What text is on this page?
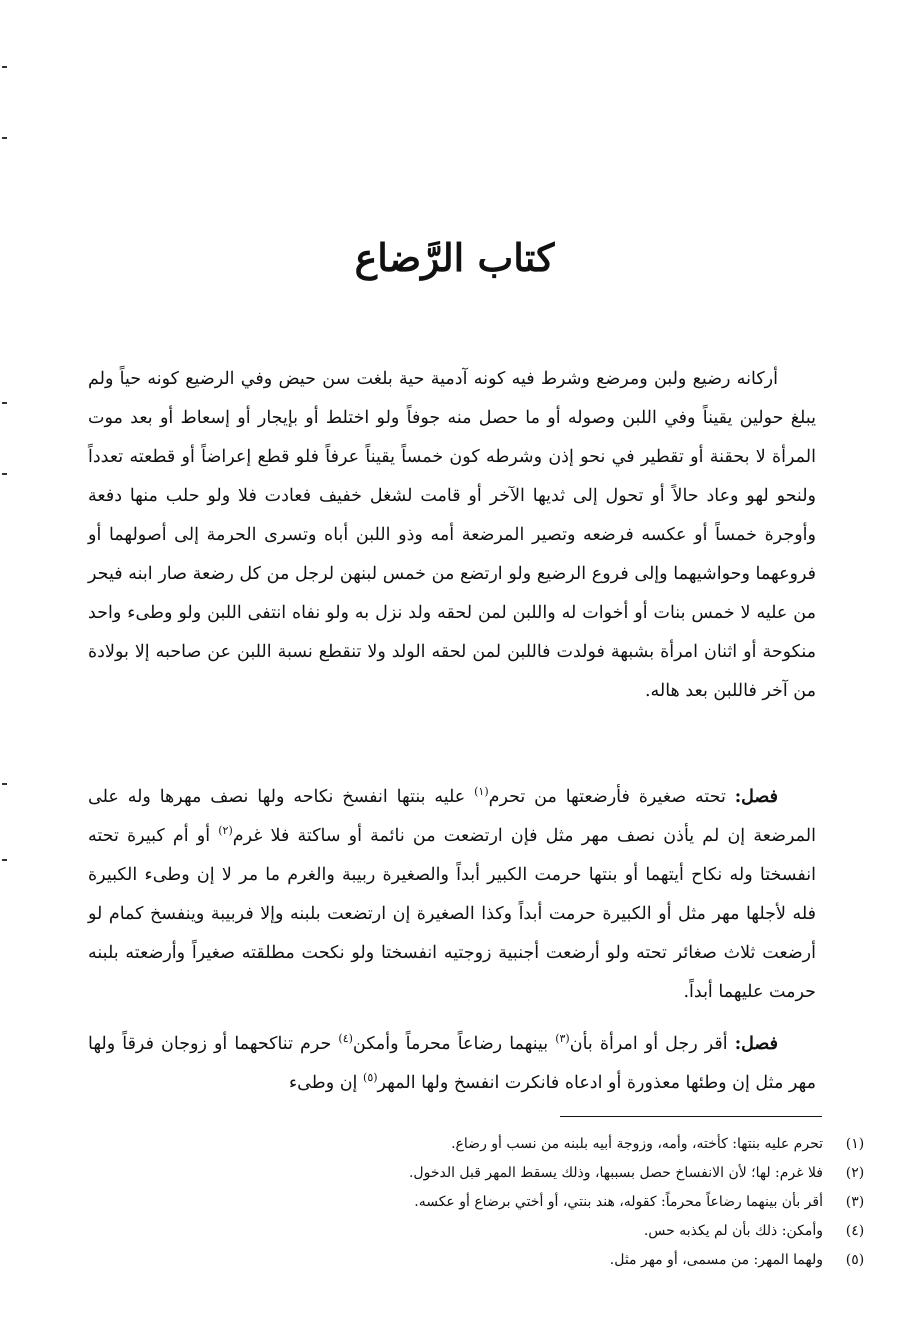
كتاب الرَّضاع

أركانه رضيع ولبن ومرضع وشرط فيه كونه آدمية حية بلغت سن حيض وفي الرضيع كونه حياً ولم يبلغ حولين يقيناً وفي اللبن وصوله أو ما حصل منه جوفاً ولو اختلط أو بإيجار أو إسعاط أو بعد موت المرأة لا بحقنة أو تقطير في نحو إذن وشرطه كون خمساً يقيناً عرفاً فلو قطع إعراضاً أو قطعته تعدداً ولنحو لهو وعاد حالاً أو تحول إلى ثديها الآخر أو قامت لشغل خفيف فعادت فلا ولو حلب منها دفعة وأوجرة خمساً أو عكسه فرضعه وتصير المرضعة أمه وذو اللبن أباه وتسرى الحرمة إلى أصولهما أو فروعهما وحواشيهما وإلى فروع الرضيع ولو ارتضع من خمس لبنهن لرجل من كل رضعة صار ابنه فيحر من عليه لا خمس بنات أو أخوات له واللبن لمن لحقه ولد نزل به ولو نفاه انتفى اللبن ولو وطىء واحد منكوحة أو اثنان امرأة بشبهة فولدت فاللبن لمن لحقه الولد ولا تنقطع نسبة اللبن عن صاحبه إلا بولادة من آخر فاللبن بعد هاله.

فصل: تحته صغيرة فأرضعتها من تحرم$^{(١)}$ عليه بنتها انفسخ نكاحه ولها نصف مهرها وله على المرضعة إن لم يأذن نصف مهر مثل فإن ارتضعت من نائمة أو ساكتة فلا غرم$^{(٢)}$ أو أم كبيرة تحته انفسختا وله نكاح أيتهما أو بنتها حرمت الكبير أبداً والصغيرة ربيبة والغرم ما مر لا إن وطىء الكبيرة فله لأجلها مهر مثل أو الكبيرة حرمت أبداً وكذا الصغيرة إن ارتضعت بلبنه وإلا فربيبة وينفسخ كمام لو أرضعت ثلاث صغائر تحته ولو أرضعت أجنبية زوجتيه انفسختا ولو نكحت مطلقته صغيراً وأرضعته بلبنه حرمت عليهما أبداً.

فصل: أقر رجل أو امرأة بأن$^{(٣)}$ بينهما رضاعاً محرماً وأمكن$^{(٤)}$ حرم تناكحهما أو زوجان فرقاً ولها مهر مثل إن وطئها معذورة أو ادعاه فانكرت انفسخ ولها المهر$^{(٥)}$ إن وطىء

(١)
تحرم عليه بنتها: كأخته، وأمه، وزوجة أبيه بلبنه من نسب أو رضاع.
(٢)
فلا غرم: لها؛ لأن الانفساخ حصل بسببها، وذلك يسقط المهر قبل الدخول.
(٣)
أقر بأن بينهما رضاعاً محرماً: كقوله، هند بنتي، أو أختي برضاع أو عكسه.
(٤)
وأمكن: ذلك بأن لم يكذبه حس.
(٥)
ولهما المهر: من مسمى، أو مهر مثل.
